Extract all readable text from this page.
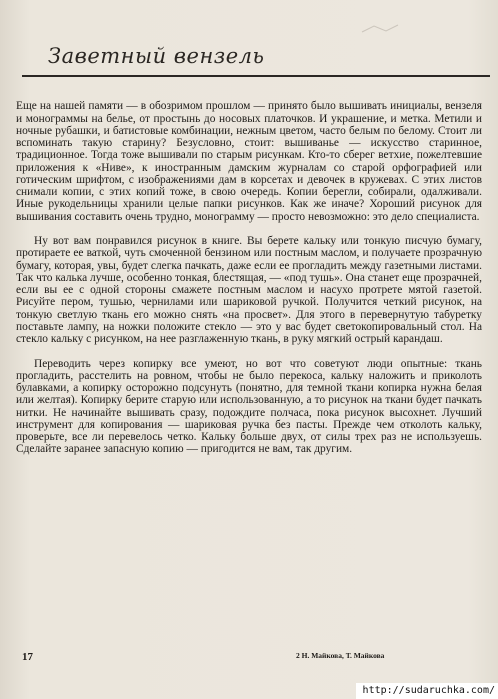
Заветный вензель

Еще на нашей памяти — в обозримом прошлом — принято было вышивать инициалы, вензеля и монограммы на белье, от простынь до носовых платочков. И украшение, и метка. Метили и ночные рубашки, и батистовые комбинации, нежным цветом, часто белым по белому. Стоит ли вспоминать такую старину? Безусловно, стоит: вышиванье — искусство старинное, традиционное. Тогда тоже вышивали по старым рисункам. Кто-то сберег ветхие, пожелтевшие приложения к «Ниве», к иностранным дамским журналам со старой орфографией или готическим шрифтом, с изображениями дам в корсетах и девочек в кружевах. С этих листов снимали копии, с этих копий тоже, в свою очередь. Копии берегли, собирали, одалживали. Иные рукодельницы хранили целые папки рисунков. Как же иначе? Хороший рисунок для вышивания составить очень трудно, монограмму — просто невозможно: это дело специалиста.

Ну вот вам понравился рисунок в книге. Вы берете кальку или тонкую писчую бумагу, протираете ее ваткой, чуть смоченной бензином или постным маслом, и получаете прозрачную бумагу, которая, увы, будет слегка пачкать, даже если ее прогладить между газетными листами. Так что калька лучше, особенно тонкая, блестящая, — «под тушь». Она станет еще прозрачней, если вы ее с одной стороны смажете постным маслом и насухо протрете мятой газетой. Рисуйте пером, тушью, чернилами или шариковой ручкой. Получится четкий рисунок, на тонкую светлую ткань его можно снять «на просвет». Для этого в перевернутую табуретку поставьте лампу, на ножки положите стекло — это у вас будет светокопировальный стол. На стекло кальку с рисунком, на нее разглаженную ткань, в руку мягкий острый карандаш.

Переводить через копирку все умеют, но вот что советуют люди опытные: ткань прогладить, расстелить на ровном, чтобы не было перекоса, кальку наложить и приколоть булавками, а копирку осторожно подсунуть (понятно, для темной ткани копирка нужна белая или желтая). Копирку берите старую или использованную, а то рисунок на ткани будет пачкать нитки. Не начинайте вышивать сразу, подождите полчаса, пока рисунок высохнет. Лучший инструмент для копирования — шариковая ручка без пасты. Прежде чем отколоть кальку, проверьте, все ли перевелось четко. Кальку больше двух, от силы трех раз не используешь. Сделайте заранее запасную копию — пригодится не вам, так другим.

17	2 Н. Майкова, Т. Майкова
http://sudaruchka.com/
